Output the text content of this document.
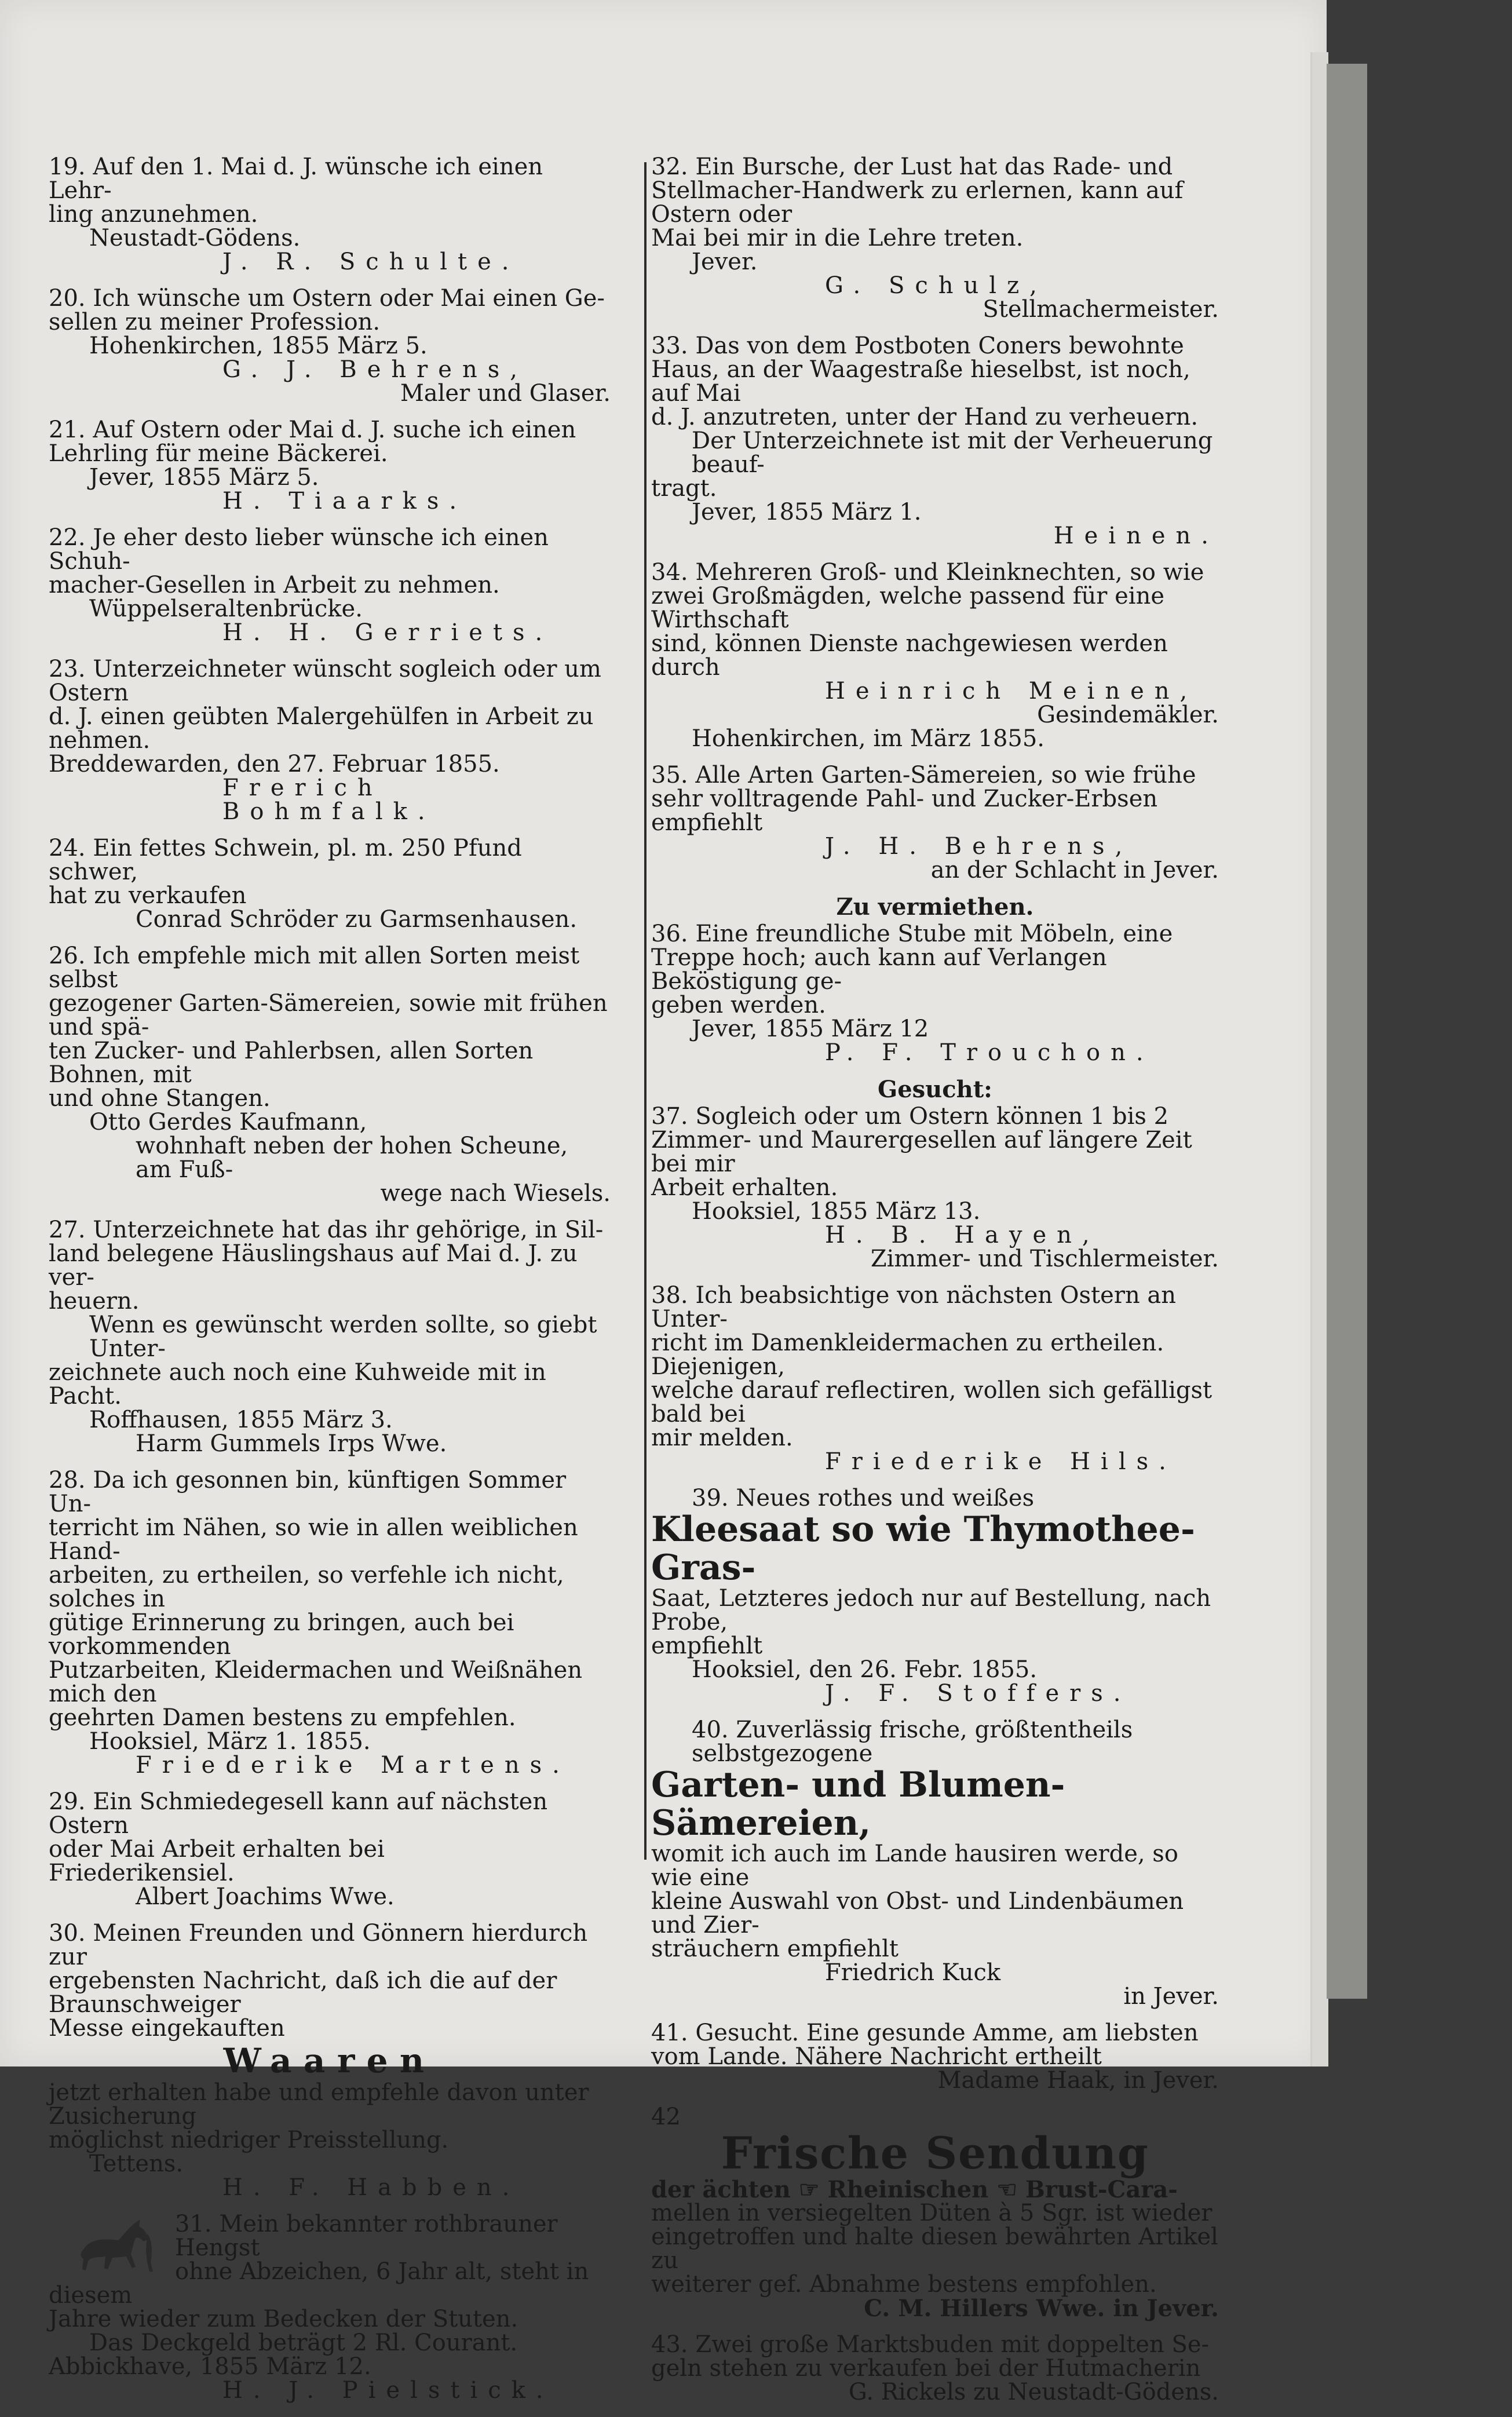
19. Auf den 1. Mai d. J. wünsche ich einen Lehr-
ling anzunehmen.
Neustadt-Gödens.
J. R. Schulte.
20. Ich wünsche um Ostern oder Mai einen Ge-
sellen zu meiner Profession.
Hohenkirchen, 1855 März 5.
G. J. Behrens,
Maler und Glaser.
21. Auf Ostern oder Mai d. J. suche ich einen
Lehrling für meine Bäckerei.
Jever, 1855 März 5.
H. Tiaarks.
22. Je eher desto lieber wünsche ich einen Schuh-
macher-Gesellen in Arbeit zu nehmen.
Wüppelseraltenbrücke.
H. H. Gerriets.
23. Unterzeichneter wünscht sogleich oder um Ostern
d. J. einen geübten Malergehülfen in Arbeit zu nehmen.
Breddewarden, den 27. Februar 1855.
Frerich Bohmfalk.
24. Ein fettes Schwein, pl. m. 250 Pfund schwer,
hat zu verkaufen
Conrad Schröder zu Garmsenhausen.
26. Ich empfehle mich mit allen Sorten meist selbst
gezogener Garten-Sämereien, sowie mit frühen und spä-
ten Zucker- und Pahlerbsen, allen Sorten Bohnen, mit
und ohne Stangen.
Otto Gerdes Kaufmann,
wohnhaft neben der hohen Scheune, am Fuß-
wege nach Wiesels.
27. Unterzeichnete hat das ihr gehörige, in Sil-
land belegene Häuslingshaus auf Mai d. J. zu ver-
heuern.
Wenn es gewünscht werden sollte, so giebt Unter-
zeichnete auch noch eine Kuhweide mit in Pacht.
Roffhausen, 1855 März 3.
Harm Gummels Irps Wwe.
28. Da ich gesonnen bin, künftigen Sommer Un-
terricht im Nähen, so wie in allen weiblichen Hand-
arbeiten, zu ertheilen, so verfehle ich nicht, solches in
gütige Erinnerung zu bringen, auch bei vorkommenden
Putzarbeiten, Kleidermachen und Weißnähen mich den
geehrten Damen bestens zu empfehlen.
Hooksiel, März 1. 1855.
Friederike Martens.
29. Ein Schmiedegesell kann auf nächsten Ostern
oder Mai Arbeit erhalten bei
Friederikensiel.
Albert Joachims Wwe.
30. Meinen Freunden und Gönnern hierdurch zur
ergebensten Nachricht, daß ich die auf der Braunschweiger
Messe eingekauften
Waaren
jetzt erhalten habe und empfehle davon unter Zusicherung
möglichst niedriger Preisstellung.
Tettens.
H. F. Habben.
31. Mein bekannter rothbrauner Hengst
ohne Abzeichen, 6 Jahr alt, steht in diesem
Jahre wieder zum Bedecken der Stuten.
Das Deckgeld beträgt 2 Rl. Courant.
Abbickhave, 1855 März 12.
H. J. Pielstick.
32. Ein Bursche, der Lust hat das Rade- und
Stellmacher-Handwerk zu erlernen, kann auf Ostern oder
Mai bei mir in die Lehre treten.
Jever.
G. Schulz,
Stellmachermeister.
33. Das von dem Postboten Coners bewohnte
Haus, an der Waagestraße hieselbst, ist noch, auf Mai
d. J. anzutreten, unter der Hand zu verheuern.
Der Unterzeichnete ist mit der Verheuerung beauf-
tragt.
Jever, 1855 März 1.
Heinen.
34. Mehreren Groß- und Kleinknechten, so wie
zwei Großmägden, welche passend für eine Wirthschaft
sind, können Dienste nachgewiesen werden durch
Heinrich Meinen,
Gesindemäkler.
Hohenkirchen, im März 1855.
35. Alle Arten Garten-Sämereien, so wie frühe
sehr volltragende Pahl- und Zucker-Erbsen empfiehlt
J. H. Behrens,
an der Schlacht in Jever.
Zu vermiethen.
36. Eine freundliche Stube mit Möbeln, eine
Treppe hoch; auch kann auf Verlangen Beköstigung ge-
geben werden.
Jever, 1855 März 12
P. F. Trouchon.
Gesucht:
37. Sogleich oder um Ostern können 1 bis 2
Zimmer- und Maurergesellen auf längere Zeit bei mir
Arbeit erhalten.
Hooksiel, 1855 März 13.
H. B. Hayen,
Zimmer- und Tischlermeister.
38. Ich beabsichtige von nächsten Ostern an Unter-
richt im Damenkleidermachen zu ertheilen. Diejenigen,
welche darauf reflectiren, wollen sich gefälligst bald bei
mir melden.
Friederike Hils.
39. Neues rothes und weißes
Kleesaat so wie Thymothee-Gras-
Saat, Letzteres jedoch nur auf Bestellung, nach Probe,
empfiehlt
Hooksiel, den 26. Febr. 1855.
J. F. Stoffers.
40. Zuverlässig frische, größtentheils selbstgezogene
Garten- und Blumen-Sämereien,
womit ich auch im Lande hausiren werde, so wie eine
kleine Auswahl von Obst- und Lindenbäumen und Zier-
sträuchern empfiehlt
Friedrich Kuck
in Jever.
41. Gesucht. Eine gesunde Amme, am liebsten
vom Lande. Nähere Nachricht ertheilt
Madame Haak, in Jever.
42
Frische Sendung
der ächten ☞ Rheinischen ☜ Brust-Cara-
mellen in versiegelten Düten à 5 Sgr. ist wieder
eingetroffen und halte diesen bewährten Artikel zu
weiterer gef. Abnahme bestens empfohlen.
C. M. Hillers Wwe. in Jever.
43. Zwei große Marktsbuden mit doppelten Se-
geln stehen zu verkaufen bei der Hutmacherin
G. Rickels zu Neustadt-Gödens.
